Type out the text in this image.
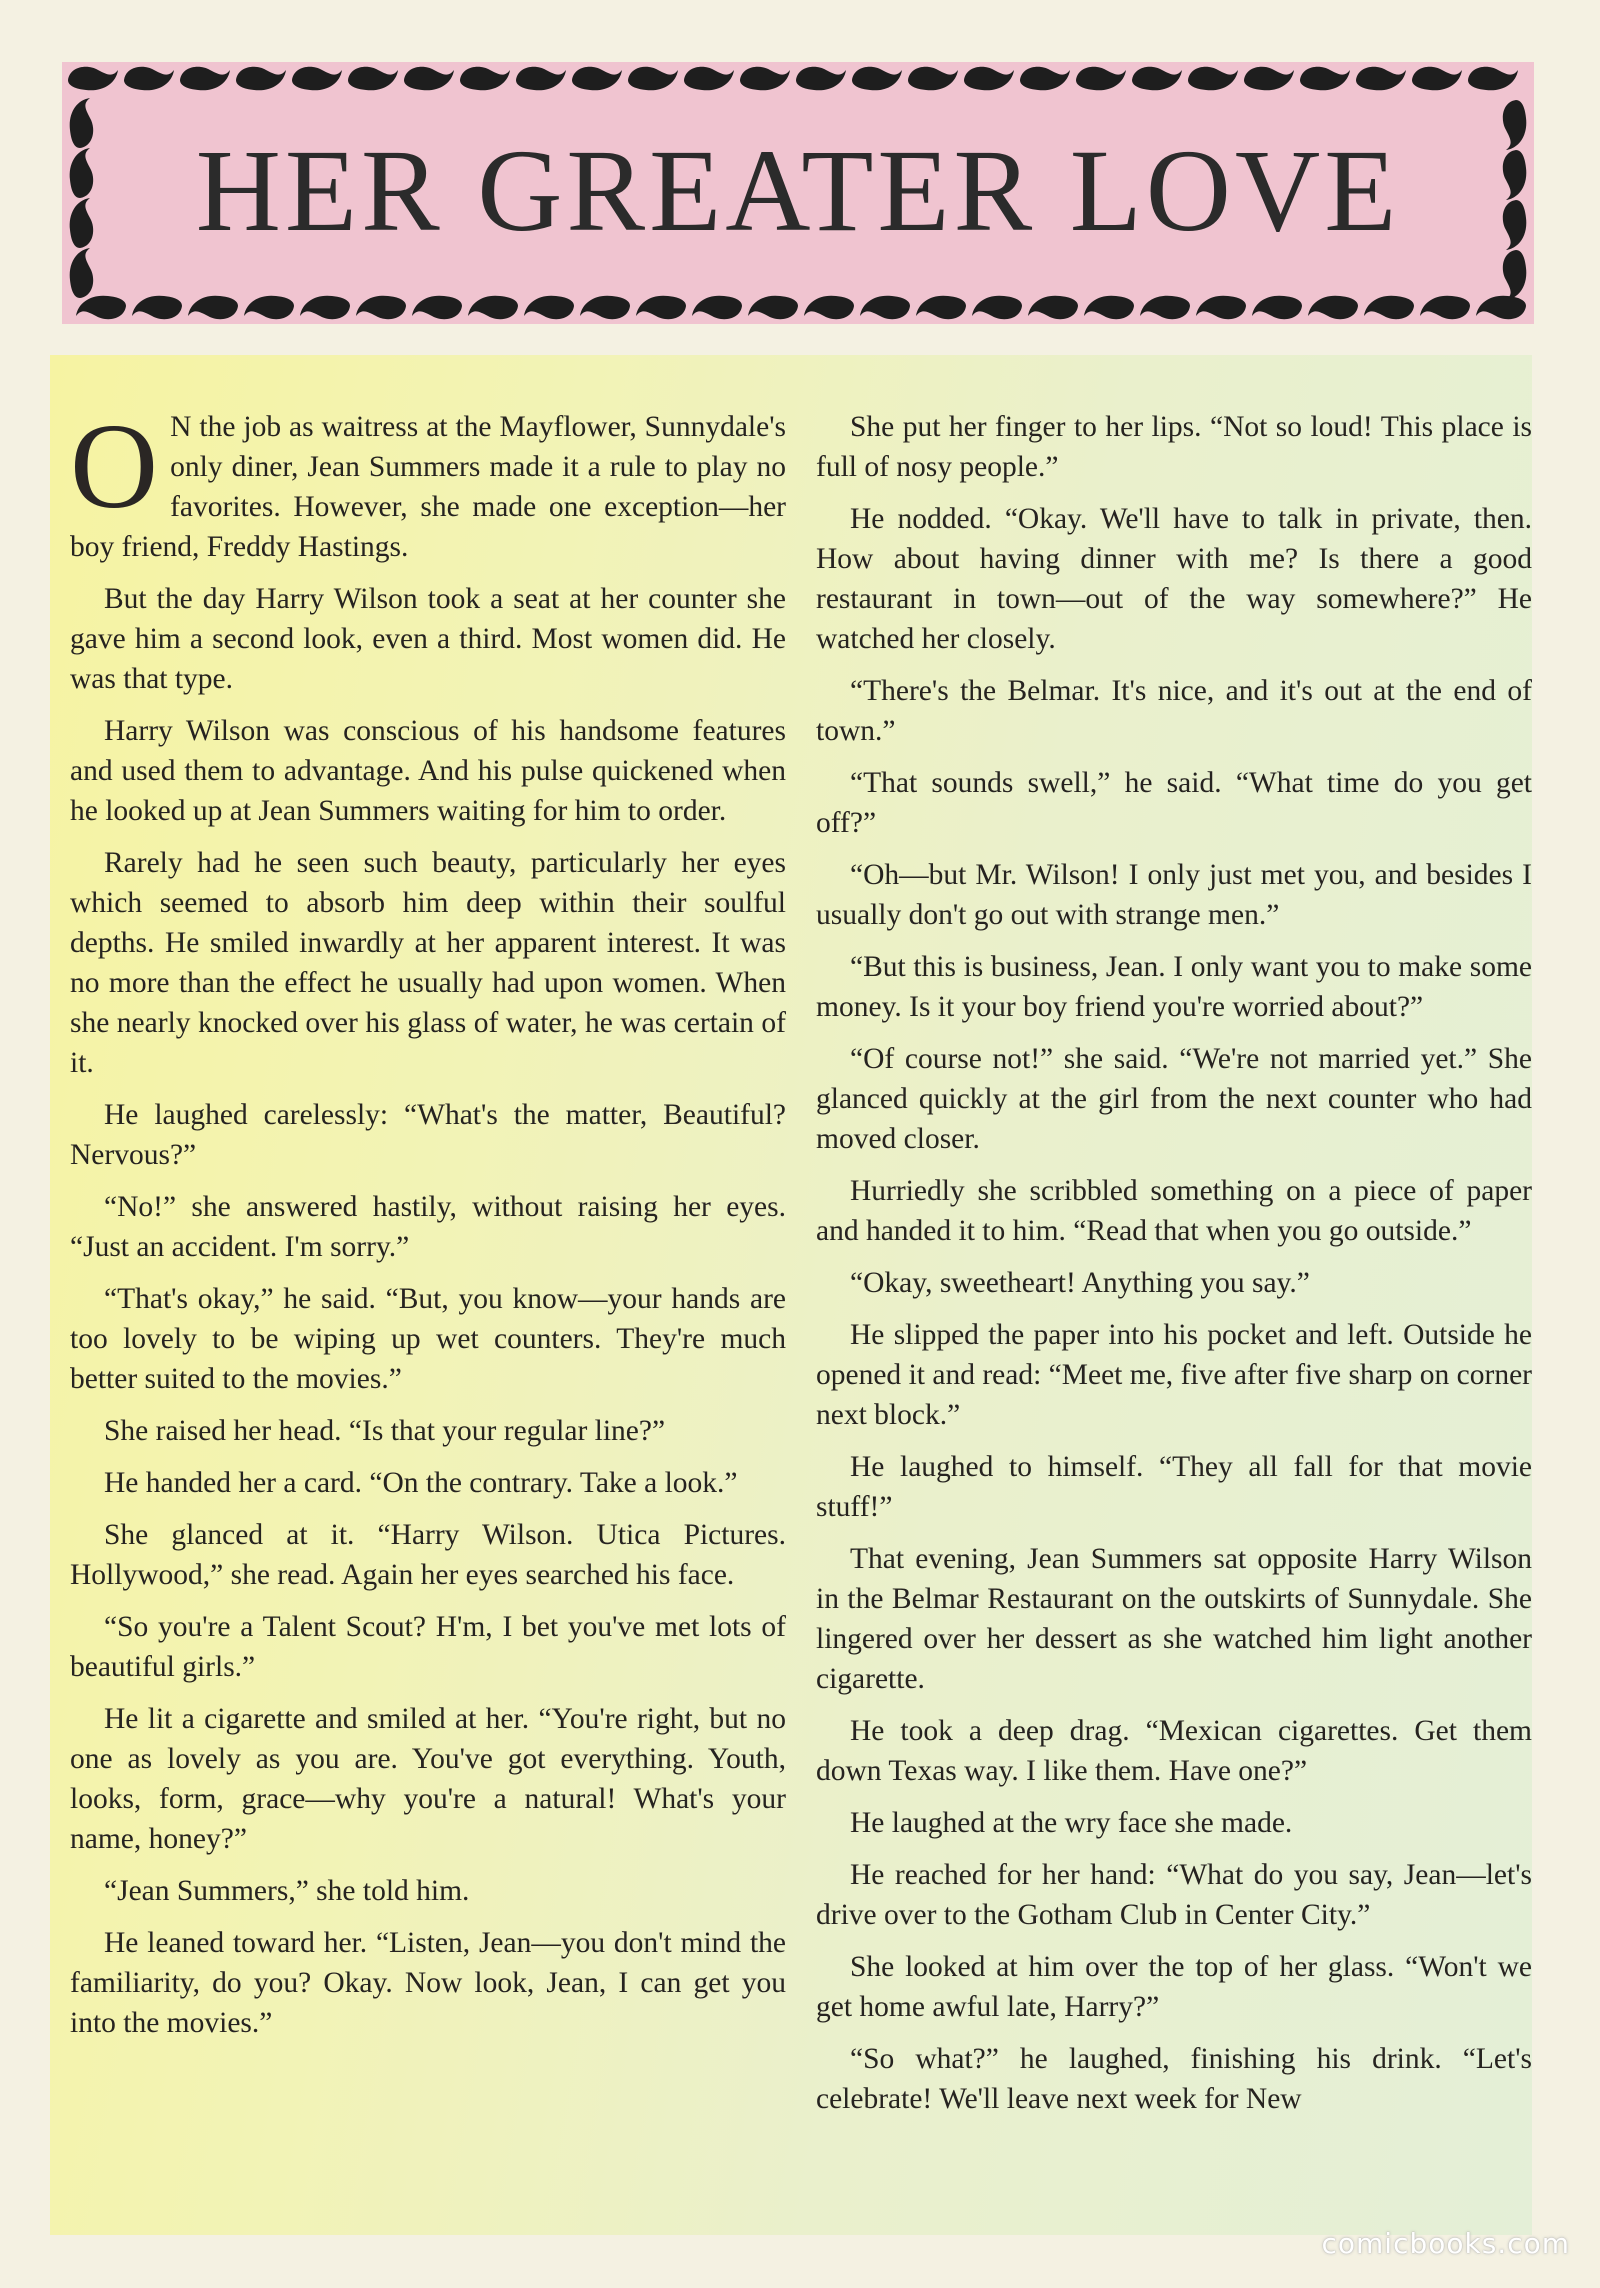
HER GREATER LOVE

O N the job as waitress at the Mayflower, Sunnydale's only diner, Jean Summers made it a rule to play no favorites. However, she made one exception—her boy friend, Freddy Hastings.

But the day Harry Wilson took a seat at her counter she gave him a second look, even a third. Most women did. He was that type.

Harry Wilson was conscious of his handsome features and used them to advantage. And his pulse quickened when he looked up at Jean Summers waiting for him to order.

Rarely had he seen such beauty, particularly her eyes which seemed to absorb him deep within their soulful depths. He smiled inwardly at her apparent interest. It was no more than the effect he usually had upon women. When she nearly knocked over his glass of water, he was certain of it.

He laughed carelessly: “What's the matter, Beautiful? Nervous?”

“No!” she answered hastily, without raising her eyes. “Just an accident. I'm sorry.”

“That's okay,” he said. “But, you know—your hands are too lovely to be wiping up wet counters. They're much better suited to the movies.”

She raised her head. “Is that your regular line?”

He handed her a card. “On the contrary. Take a look.”

She glanced at it. “Harry Wilson. Utica Pictures. Hollywood,” she read. Again her eyes searched his face.

“So you're a Talent Scout? H'm, I bet you've met lots of beautiful girls.”

He lit a cigarette and smiled at her. “You're right, but no one as lovely as you are. You've got everything. Youth, looks, form, grace—why you're a natural! What's your name, honey?”

“Jean Summers,” she told him.

He leaned toward her. “Listen, Jean—you don't mind the familiarity, do you? Okay. Now look, Jean, I can get you into the movies.”

She put her finger to her lips. “Not so loud! This place is full of nosy people.”

He nodded. “Okay. We'll have to talk in private, then. How about having dinner with me? Is there a good restaurant in town—out of the way somewhere?” He watched her closely.

“There's the Belmar. It's nice, and it's out at the end of town.”

“That sounds swell,” he said. “What time do you get off?”

“Oh—but Mr. Wilson! I only just met you, and besides I usually don't go out with strange men.”

“But this is business, Jean. I only want you to make some money. Is it your boy friend you're worried about?”

“Of course not!” she said. “We're not married yet.” She glanced quickly at the girl from the next counter who had moved closer.

Hurriedly she scribbled something on a piece of paper and handed it to him. “Read that when you go outside.”

“Okay, sweetheart! Anything you say.”

He slipped the paper into his pocket and left. Outside he opened it and read: “Meet me, five after five sharp on corner next block.”

He laughed to himself. “They all fall for that movie stuff!”

That evening, Jean Summers sat opposite Harry Wilson in the Belmar Restaurant on the outskirts of Sunnydale. She lingered over her dessert as she watched him light another cigarette.

He took a deep drag. “Mexican cigarettes. Get them down Texas way. I like them. Have one?”

He laughed at the wry face she made.

He reached for her hand: “What do you say, Jean—let's drive over to the Gotham Club in Center City.”

She looked at him over the top of her glass. “Won't we get home awful late, Harry?”

“So what?” he laughed, finishing his drink. “Let's celebrate! We'll leave next week for New

comicbooks.com
